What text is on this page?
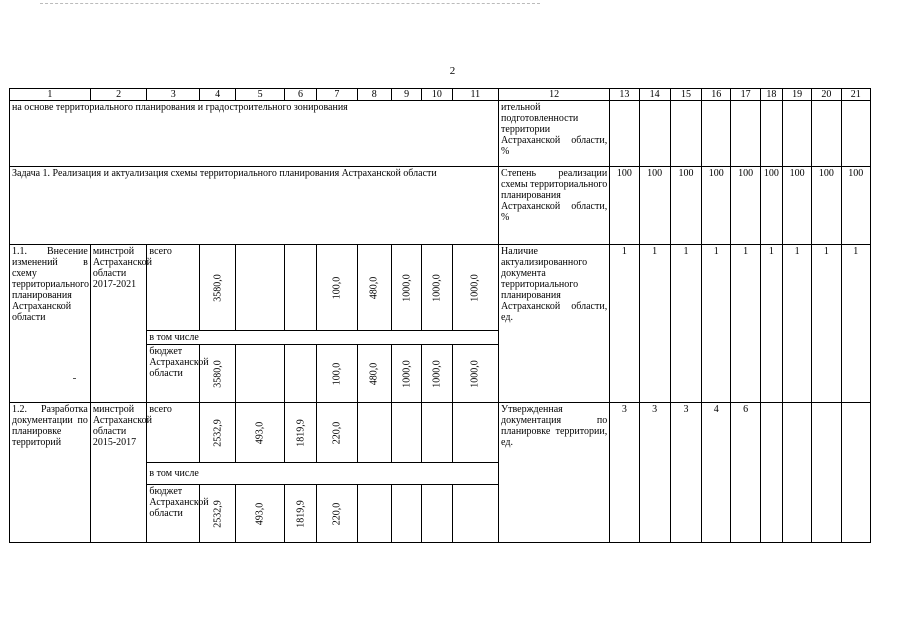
2
1	2	3	4	5	6	7	8	9	10	11	12	13	14	15	16	17	18	19	20	21
на основе территориального планирования и градостроительного зонирования											ительной подготовленности территории Астраханской области, %									
Задача 1. Реализация и актуализация схемы территориального планирования Астраханской области											Степень реализации схемы территориального планирования Астраханской области, %	100	100	100	100	100	100	100	100	100
1.1. Внесение изменений в схему территориального планирования Астраханской области	минстрой Астраханской области 2017-2021	всего	3580,0			100,0	480,0	1000,0	1000,0	1000,0	Наличие актуализированного документа территориального планирования Астраханской области, ед.	1	1	1	1	1	1	1	1	1
		в том числе																		
		бюджет Астраханской области	3580,0			100,0	480,0	1000,0	1000,0	1000,0										

1.2. Разработка документации по планировке территорий	минстрой Астраханской области 2015-2017	всего	2532,9	493,0	1819,9	220,0					Утвержденная документация по планировке территории, ед.	3	3	3	4	6				
		в том числе																		
		бюджет Астраханской области	2532,9	493,0	1819,9	220,0														
